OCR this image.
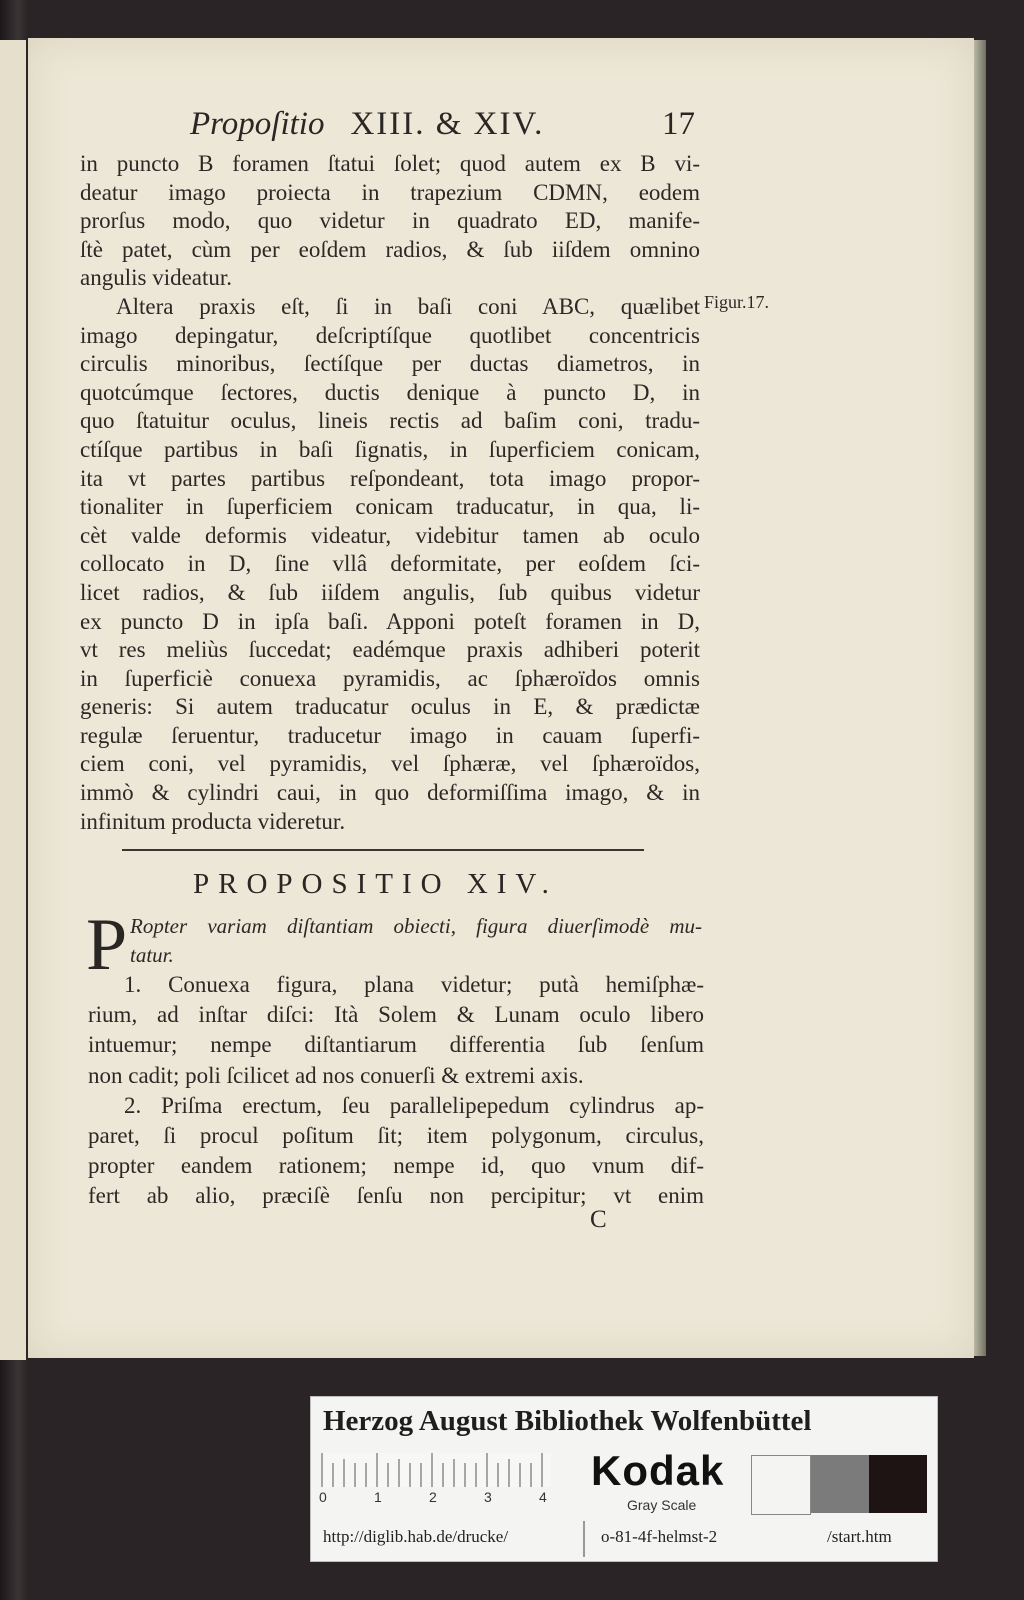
Propoſitio XIII. & XIV.	17
in puncto B foramen ſtatui ſolet; quod autem ex B vi-
deatur imago proiecta in trapezium CDMN, eodem
prorſus modo, quo videtur in quadrato ED, manife-
ſtè patet, cùm per eoſdem radios, & ſub iiſdem omnino
angulis videatur.
Altera praxis eſt, ſi in baſi coni ABC, quælibet
imago depingatur, deſcriptíſque quotlibet concentricis
circulis minoribus, ſectíſque per ductas diametros, in
quotcúmque ſectores, ductis denique à puncto D, in
quo ſtatuitur oculus, lineis rectis ad baſim coni, tradu-
ctíſque partibus in baſi ſignatis, in ſuperficiem conicam,
ita vt partes partibus reſpondeant, tota imago propor-
tionaliter in ſuperficiem conicam traducatur, in qua, li-
cèt valde deformis videatur, videbitur tamen ab oculo
collocato in D, ſine vllâ deformitate, per eoſdem ſci-
licet radios, & ſub iiſdem angulis, ſub quibus videtur
ex puncto D in ipſa baſi. Apponi poteſt foramen in D,
vt res meliùs ſuccedat; eadémque praxis adhiberi poterit
in ſuperficiè conuexa pyramidis, ac ſphæroïdos omnis
generis: Si autem traducatur oculus in E, & prædictæ
regulæ ſeruentur, traducetur imago in cauam ſuperfi-
ciem coni, vel pyramidis, vel ſphæræ, vel ſphæroïdos,
immò & cylindri caui, in quo deformiſſima imago, & in
infinitum producta videretur.
Figur.17.
PROPOSITIO XIV.
P Ropter variam diſtantiam obiecti, figura diuerſimodè mu-
tatur.
1. Conuexa figura, plana videtur; putà hemiſphæ-
rium, ad inſtar diſci: Ità Solem & Lunam oculo libero
intuemur; nempe diſtantiarum differentia ſub ſenſum
non cadit; poli ſcilicet ad nos conuerſi & extremi axis.
2. Priſma erectum, ſeu parallelipepedum cylindrus ap-
paret, ſi procul poſitum ſit; item polygonum, circulus,
propter eandem rationem; nempe id, quo vnum dif-
fert ab alio, præciſè ſenſu non percipitur; vt enim
C
Herzog August Bibliothek Wolfenbüttel
0	1	2	3	4
Kodak
Gray Scale
http://diglib.hab.de/drucke/	o-81-4f-helmst-2	/start.htm
